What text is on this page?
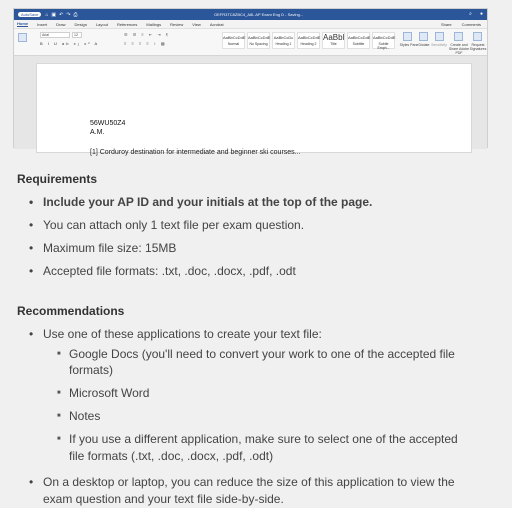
AutoSave	⌂ ▣ ↶ ↷ ⎙	OEFR3TC8ZBC4_A8L AP Exam Eng D - Saving...	⌕ ●
Home Insert Draw Design Layout References Mailings Review View Acrobat	Share	Comments
Arial	12
B I U ab x₂ x² A
☰ ☰ ≡ ⇤ ⇥ ¶
≡ ≡ ≡ ≡ ↕ ▦
AaBbCcDdE
Normal
AaBbCcDdE
No Spacing
AaBbCcDc
Heading 1
AaBbCcDdE
Heading 2
AaBbl
Title
AaBbCcDdE
Subtitle
AaBbCcDdE
Subtle Emph...
Styles Pane Dictate Sensitivity Create and Share Adobe PDF
Request Signatures
56WU50Z4
A.M.
[1] Corduroy destination for intermediate and beginner ski courses...
Requirements
• Include your AP ID and your initials at the top of the page.
• You can attach only 1 text file per exam question.
• Maximum file size: 15MB
• Accepted file formats: .txt, .doc, .docx, .pdf, .odt
Recommendations
• Use one of these applications to create your text file:
■ Google Docs (you'll need to convert your work to one of the accepted file formats)
■ Microsoft Word
■ Notes
■ If you use a different application, make sure to select one of the accepted file formats (.txt, .doc, .docx, .pdf, .odt)
• On a desktop or laptop, you can reduce the size of this application to view the exam question and your text file side-by-side.
